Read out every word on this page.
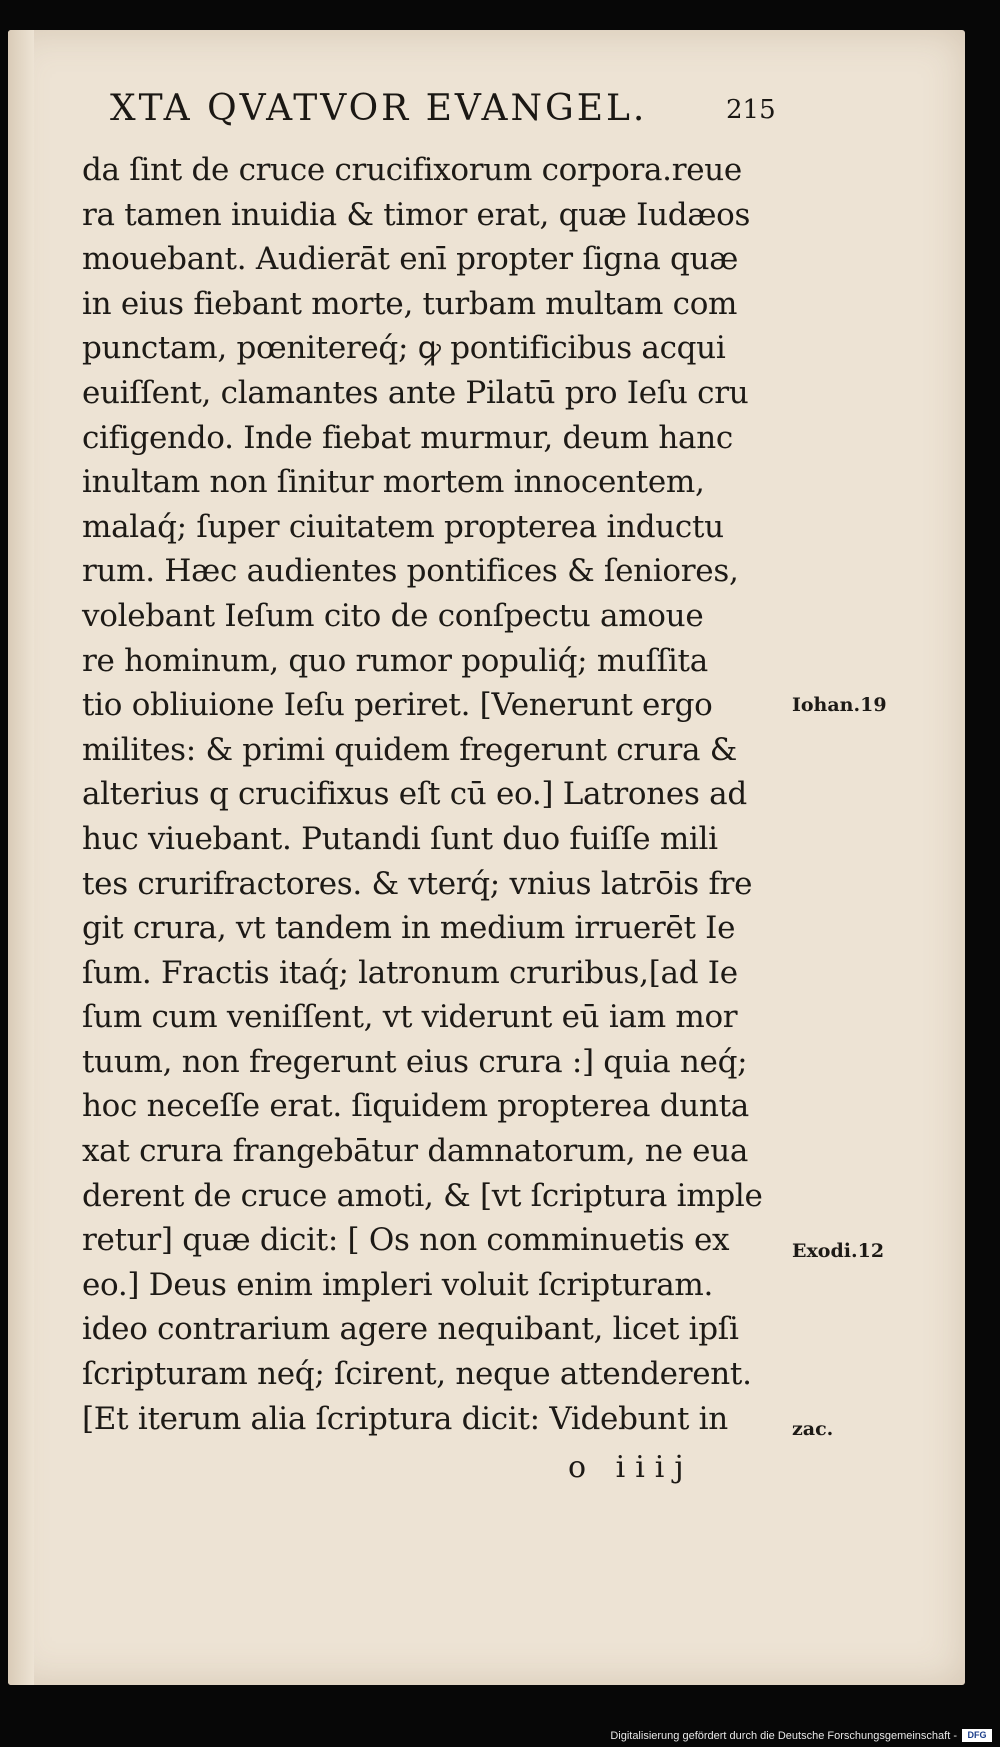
XTA QVATVOR EVANGEL.	215
da ſint de cruce crucifixorum corpora.reue
ra tamen inuidia & timor erat, quæ Iudæos
mouebant. Audierāt enī propter ſigna quæ
in eius fiebant morte, turbam multam com
punctam, pœnitereq́; ꝙ pontificibus acqui
euiſſent, clamantes ante Pilatū pro Ieſu cru
cifigendo. Inde fiebat murmur, deum hanc
inultam non ſinitur mortem innocentem,
malaq́; ſuper ciuitatem propterea inductu
rum. Hæc audientes pontifices & ſeniores,
volebant Ieſum cito de conſpectu amoue
re hominum, quo rumor populiq́; muſſita
tio obliuione Ieſu periret. [Venerunt ergo
milites: & primi quidem fregerunt crura &
alterius q crucifixus eſt cū eo.] Latrones ad
huc viuebant. Putandi ſunt duo fuiſſe mili
tes crurifractores. & vterq́; vnius latrōis fre
git crura, vt tandem in medium irruerēt Ie
ſum. Fractis itaq́; latronum cruribus,[ad Ie
ſum cum veniſſent, vt viderunt eū iam mor
tuum, non fregerunt eius crura :] quia neq́;
hoc neceſſe erat. ſiquidem propterea dunta
xat crura frangebātur damnatorum, ne eua
derent de cruce amoti, & [vt ſcriptura imple
retur] quæ dicit: [ Os non comminuetis ex
eo.] Deus enim impleri voluit ſcripturam.
ideo contrarium agere nequibant, licet ipſi
ſcripturam neq́; ſcirent, neque attenderent.
[Et iterum alia ſcriptura dicit: Videbunt in
Iohan.19
Exodi.12
zac.
o iiij
Digitalisierung gefördert durch die Deutsche Forschungsgemeinschaft -	DFG
